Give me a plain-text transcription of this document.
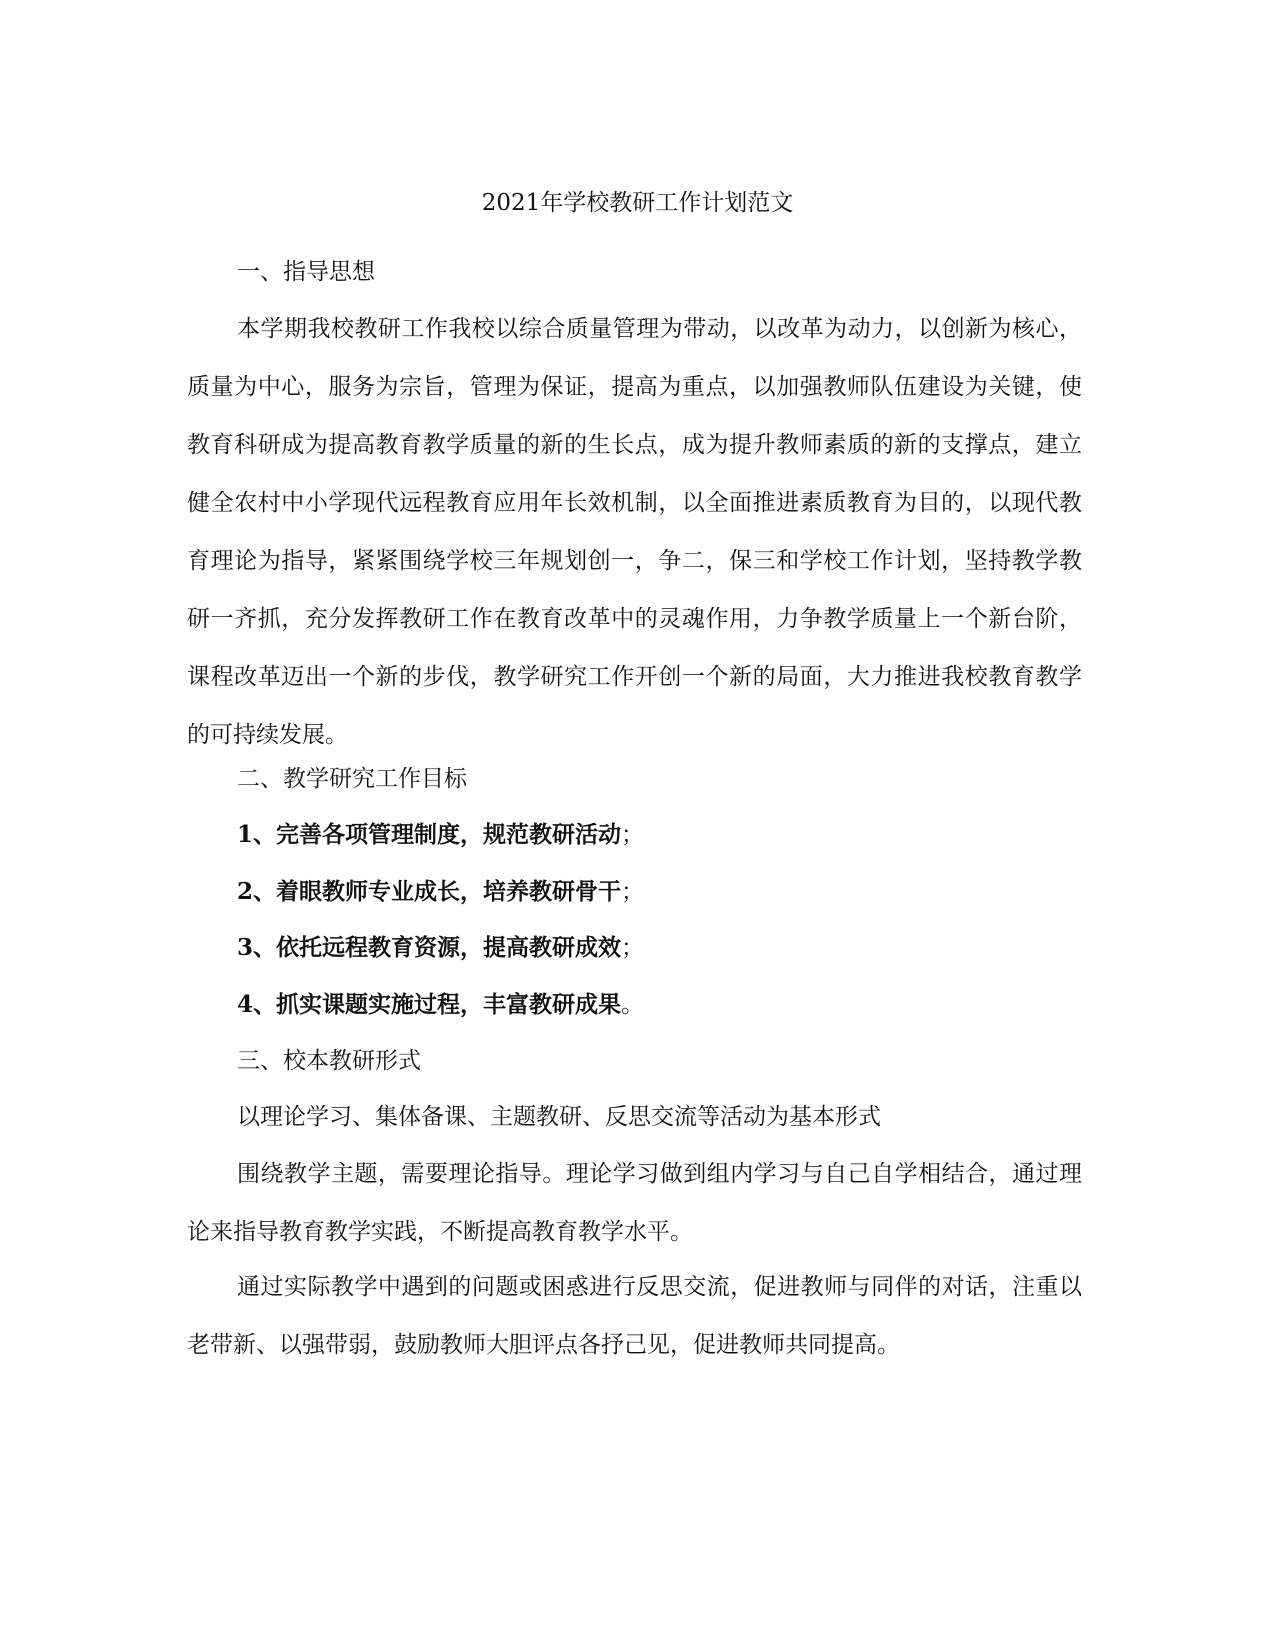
2021年学校教研工作计划范文
一、指导思想
本学期我校教研工作我校以综合质量管理为带动，以改革为动力，以创新为核心，质量为中心，服务为宗旨，管理为保证，提高为重点，以加强教师队伍建设为关键，使教育科研成为提高教育教学质量的新的生长点，成为提升教师素质的新的支撑点，建立健全农村中小学现代远程教育应用年长效机制，以全面推进素质教育为目的，以现代教育理论为指导，紧紧围绕学校三年规划创一，争二，保三和学校工作计划，坚持教学教研一齐抓，充分发挥教研工作在教育改革中的灵魂作用，力争教学质量上一个新台阶，课程改革迈出一个新的步伐，教学研究工作开创一个新的局面，大力推进我校教育教学的可持续发展。
二、教学研究工作目标
1、完善各项管理制度，规范教研活动；
2、着眼教师专业成长，培养教研骨干；
3、依托远程教育资源，提高教研成效；
4、抓实课题实施过程，丰富教研成果。
三、校本教研形式
以理论学习、集体备课、主题教研、反思交流等活动为基本形式
围绕教学主题，需要理论指导。理论学习做到组内学习与自己自学相结合，通过理论来指导教育教学实践，不断提高教育教学水平。
通过实际教学中遇到的问题或困惑进行反思交流，促进教师与同伴的对话，注重以老带新、以强带弱，鼓励教师大胆评点各抒己见，促进教师共同提高。
